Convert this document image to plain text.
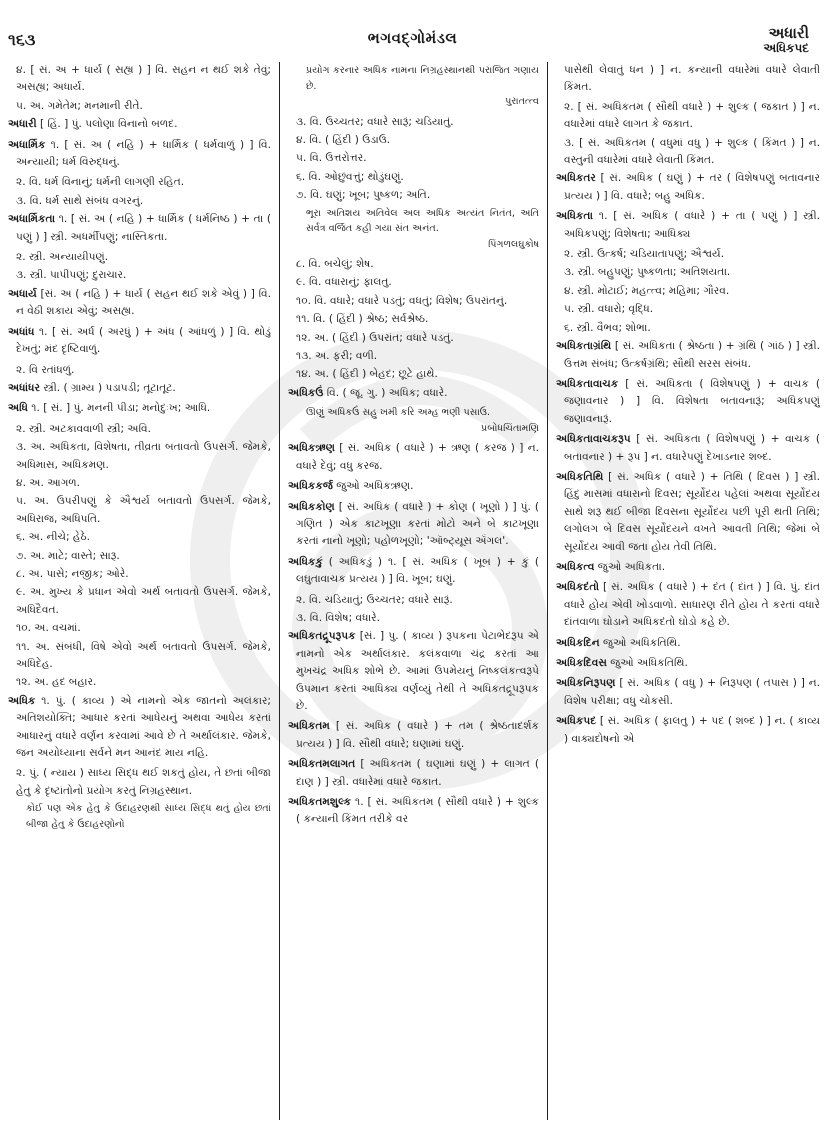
૧૬૩	ભગવદ્ગોમંડલ	અધારી
અધિકપદ
૪. [ સં. અ + ધાર્ય ( સહ્ય ) ] વિ. સહન ન થઈ શકે તેવું; અસહ્ય; અધાર્ય.
૫. અ. ગમેતેમ; મનમાની રીતે.
અધારી [ હિં. ] પું. પલોણા વિનાનો બળદ.
અધાર્મિક ૧. [ સં. અ ( નહિ ) + ધાર્મિક ( ધર્મવાળું ) ] વિ. અન્યાયી; ધર્મ વિરુદ્ધનું.
૨. વિ. ધર્મ વિનાનું; ધર્મની લાગણી રહિત.
૩. વિ. ધર્મ સાથે સંબંધ વગરનું.
અધાર્મિકતા ૧. [ સં. અ ( નહિ ) + ધાર્મિક ( ધર્મનિષ્ઠ ) + તા ( પણું ) ] સ્ત્રી. અધર્મીપણું; નાસ્તિકતા.
૨. સ્ત્રી. અન્યાયીપણું.
૩. સ્ત્રી. પાપીપણું; દુરાચાર.
અધાર્ય [સં. અ ( નહિ ) + ધાર્ય ( સહન થઈ શકે એવું ) ] વિ. ન વેઠી શકાય એવું; અસહ્ય.
અધાંધ ૧. [ સં. અર્ધ ( અરધું ) + અંધ ( આંધળું ) ] વિ. થોડું દેખતું; મંદ દૃષ્ટિવાળું.
૨. વિ રતાંધળું.
અધાંધર સ્ત્રી. ( ગ્રામ્ય ) પડાપડી; તૂટાતૂટ.
અધિ ૧. [ સં. ] પું. મનની પીડા; મનોદુઃખ; આધિ.
૨. સ્ત્રી. અટકાવવાળી સ્ત્રી; અવિ.
૩. અ. અધિકતા, વિશેષતા, તીવ્રતા બતાવતો ઉપસર્ગ. જેમકે, અધિમાસ, અધિકમણ.
૪. અ. આગળ.
૫. અ. ઉપરીપણું કે ઐશ્વર્ય બતાવતો ઉપસર્ગ. જેમકે, અધિરાજ, અધિપતિ.
૬. અ. નીચે; હેઠે.
૭. અ. માટે; વાસ્તે; સારૂ.
૮. અ. પાસે; નજીક; ઓરે.
૯. અ. મુખ્ય કે પ્રધાન એવો અર્થ બતાવતો ઉપસર્ગ. જેમકે, અધિદૈવત.
૧૦. અ. વચમાં.
૧૧. અ. સંબંધી, વિષે એવો અર્થ બતાવતો ઉપસર્ગ. જેમકે, અધિદેહ.
૧૨. અ. હદ બહાર.
અધિક ૧. પું. ( કાવ્ય ) એ નામનો એક જાતનો અલંકાર; અતિશયોક્તિ; આધાર કરતાં આધેયનું અથવા આધેય કરતાં આધારનું વધારે વર્ણન કરવામાં આવે છે તે અર્થાલંકાર. જેમકે, જન અયોધ્યાના સર્વને મન આનંદ માય નહિ.
૨. પું. ( ન્યાય ) સાધ્ય સિદ્ધ થઈ શકતું હોય, તે છતાં બીજા હેતુ કે દૃષ્ટાંતોનો પ્રયોગ કરતું નિગ્રહસ્થાન.
કોઈ પણ એક હેતુ કે ઉદાહરણથી સાધ્ય સિદ્ધ થતું હોય છતાં બીજા હેતુ કે ઉદાહરણોનો
પ્રયોગ કરનાર અધિક નામના નિગ્રહસ્થાનથી પરાજિત ગણાય છે.
પુરાતત્ત્વ
૩. વિ. ઉચ્ચતર; વધારે સારૂં; ચડિયાતું.
૪. વિ. ( હિંદી ) ઉડાઉ.
૫. વિ. ઉત્તરોત્તર.
૬. વિ. ઓછુંવત્તું; થોડુંઘણું.
૭. વિ. ઘણું; ખૂબ; પુષ્કળ; અતિ.
ભૂરા અતિશય અતિવેલ અલ અધિક અત્યંત નિતંત, અતિ સર્વત્ર વર્જિત કહી ગયા સંત અનંત.
પિંગળલઘુકોષ
૮. વિ. બચેલું; શેષ.
૯. વિ. વધારાનું; ફાલતુ.
૧૦. વિ. વધારે; વધારે પડતું; વધતું; વિશેષ; ઉપરાંતનું.
૧૧. વિ. ( હિંદી ) શ્રેષ્ઠ; સર્વશ્રેષ્ઠ.
૧૨. અ. ( હિંદી ) ઉપરાંત; વધારે પડતું.
૧૩. અ. ફરી; વળી.
૧૪. અ. ( હિંદી ) બેહદ; છૂટે હાથે.
અધિકઉં વિ. ( જૂ. ગુ. ) અધિક; વધારે.
ઊણું અધિકઉં સહુ ખમી કરિ અમ્હ ભણી પસાઉ.
પ્રબોધચિંતામણિ
અધિકઋણ [ સં. અધિક ( વધારે ) + ઋણ ( કરજ ) ] ન. વધારે દેવું; વધુ કરજ.
અધિકકર્જ જુઓ અધિકઋણ.
અધિકકોણ [ સં. અધિક ( વધારે ) + કોણ ( ખૂણો ) ] પું. ( ગણિત ) એક કાટખૂણા કરતાં મોટો અને બે કાટખૂણા કરતાં નાનો ખૂણો; પહોળખૂણો; 'ઑબ્ટ્યૂસ ઍંગલ'.
અધિકકું ( અધિકડું ) ૧. [ સં. અધિક ( ખૂબ ) + કું ( લઘુતાવાચક પ્રત્યય ) ] વિ. ખૂબ; ઘણું.
૨. વિ. ચડિયાતું; ઉચ્ચતર; વધારે સારૂં.
૩. વિ. વિશેષ; વધારે.
અધિકતદ્રૂપરૂપક [સં. ] પુ. ( કાવ્ય ) રૂપકના પેટાભેદરૂપ એ નામનો એક અર્થાલંકાર. કલંકવાળા ચંદ્ર કરતાં આ મુખચંદ્ર અધિક શોભે છે. આમાં ઉપમેયનું નિષ્કલંકત્વરૂપે ઉપમાન કરતાં આધિક્ય વર્ણવ્યું તેથી તે અધિકતદ્રૂપરૂપક છે.
અધિકતમ [ સં. અધિક ( વધારે ) + તમ ( શ્રેષ્ઠતાદર્શક પ્રત્યય ) ] વિ. સૌથી વધારે; ઘણામાં ઘણું.
અધિકતમલાગત [ અધિકતમ ( ઘણામાં ઘણું ) + લાગત ( દાણ ) ] સ્ત્રી. વધારેમાં વધારે જકાત.
અધિકતમશુલ્ક ૧. [ સં. અધિકતમ ( સૌથી વધારે ) + શુલ્ક ( કન્યાની કિંમત તરીકે વર
પાસેથી લેવાતું ધન ) ] ન. કન્યાની વધારેમાં વધારે લેવાતી કિંમત.
૨. [ સં. અધિકતમ ( સૌથી વધારે ) + શુલ્ક ( જકાત ) ] ન. વધારેમાં વધારે લાગત કે જકાત.
૩. [ સં. અધિકતમ ( વધુમાં વધુ ) + શુલ્ક ( કિંમત ) ] ન. વસ્તુની વધારેમાં વધારે લેવાતી કિંમત.
અધિકતર [ સં. અધિક ( ઘણું ) + તર ( વિશેષપણું બતાવનાર પ્રત્યય ) ] વિ. વધારે; બહુ અધિક.
અધિકતા ૧. [ સં. અધિક ( વધારે ) + તા ( પણું ) ] સ્ત્રી. અધિકપણું; વિશેષતા; આધિક્ય
૨. સ્ત્રી. ઉત્કર્ષ; ચડિયાતાપણું; ઐશ્વર્ય.
૩. સ્ત્રી. બહુપણું; પુષ્કળતા; અતિશયતા.
૪. સ્ત્રી. મોટાઈ; મહત્ત્વ; મહિમા; ગૌરવ.
૫. સ્ત્રી. વધારો; વૃદ્ધિ.
૬. સ્ત્રી. વૈભવ; શોભા.
અધિકતાગ્રંથિ [ સં. અધિકતા ( શ્રેષ્ઠતા ) + ગ્રંથિ ( ગાંઠ ) ] સ્ત્રી. ઉત્તમ સંબંધ; ઉત્કર્ષગ્રંથિ; સૌથી સરસ સંબંધ.
અધિકતાવાચક [ સં. અધિકતા ( વિશેષપણું ) + વાચક ( જણાવનાર ) ] વિ. વિશેષતા બતાવનારૂં; અધિકપણું જણાવનારૂં.
અધિકતાવાચકરૂપ [ સં. અધિકતા ( વિશેષપણું ) + વાચક ( બતાવનાર ) + રૂપ ] ન. વધારેપણું દેખાડનાર શબ્દ.
અધિકતિથિ [ સં. અધિક ( વધારે ) + તિથિ ( દિવસ ) ] સ્ત્રી. હિંદુ માસમાં વધારાનો દિવસ; સૂર્યોદય પહેલાં અથવા સૂર્યોદય સાથે શરૂ થઈ બીજા દિવસના સૂર્યોદય પછી પૂરી થતી તિથિ; લગોલગ બે દિવસ સૂર્યોદયને વખતે આવતી તિથિ; જેમાં બે સૂર્યોદય આવી જતા હોય તેવી તિથિ.
અધિકત્વ જુઓ અધિકતા.
અધિકદંતો [ સં. અધિક ( વધારે ) + દંત ( દાંત ) ] વિ. પું. દાંત વધારે હોય એવી ખોડવાળો. સાધારણ રીતે હોય તે કરતાં વધારે દાંતવાળા ઘોડાને અધિકદંતો ઘોડો કહે છે.
અધિકદિન જુઓ અધિકતિથિ.
અધિકદિવસ જુઓ અધિકતિથિ.
અધિકનિરૂપણ [ સં. અધિક ( વધુ ) + નિરૂપણ ( તપાસ ) ] ન. વિશેષ પરીક્ષા; વધુ ચોકસી.
અધિકપદ [ સં. અધિક ( ફાલતુ ) + પદ ( શબ્દ ) ] ન. ( કાવ્ય ) વાક્યદોષનો એ
